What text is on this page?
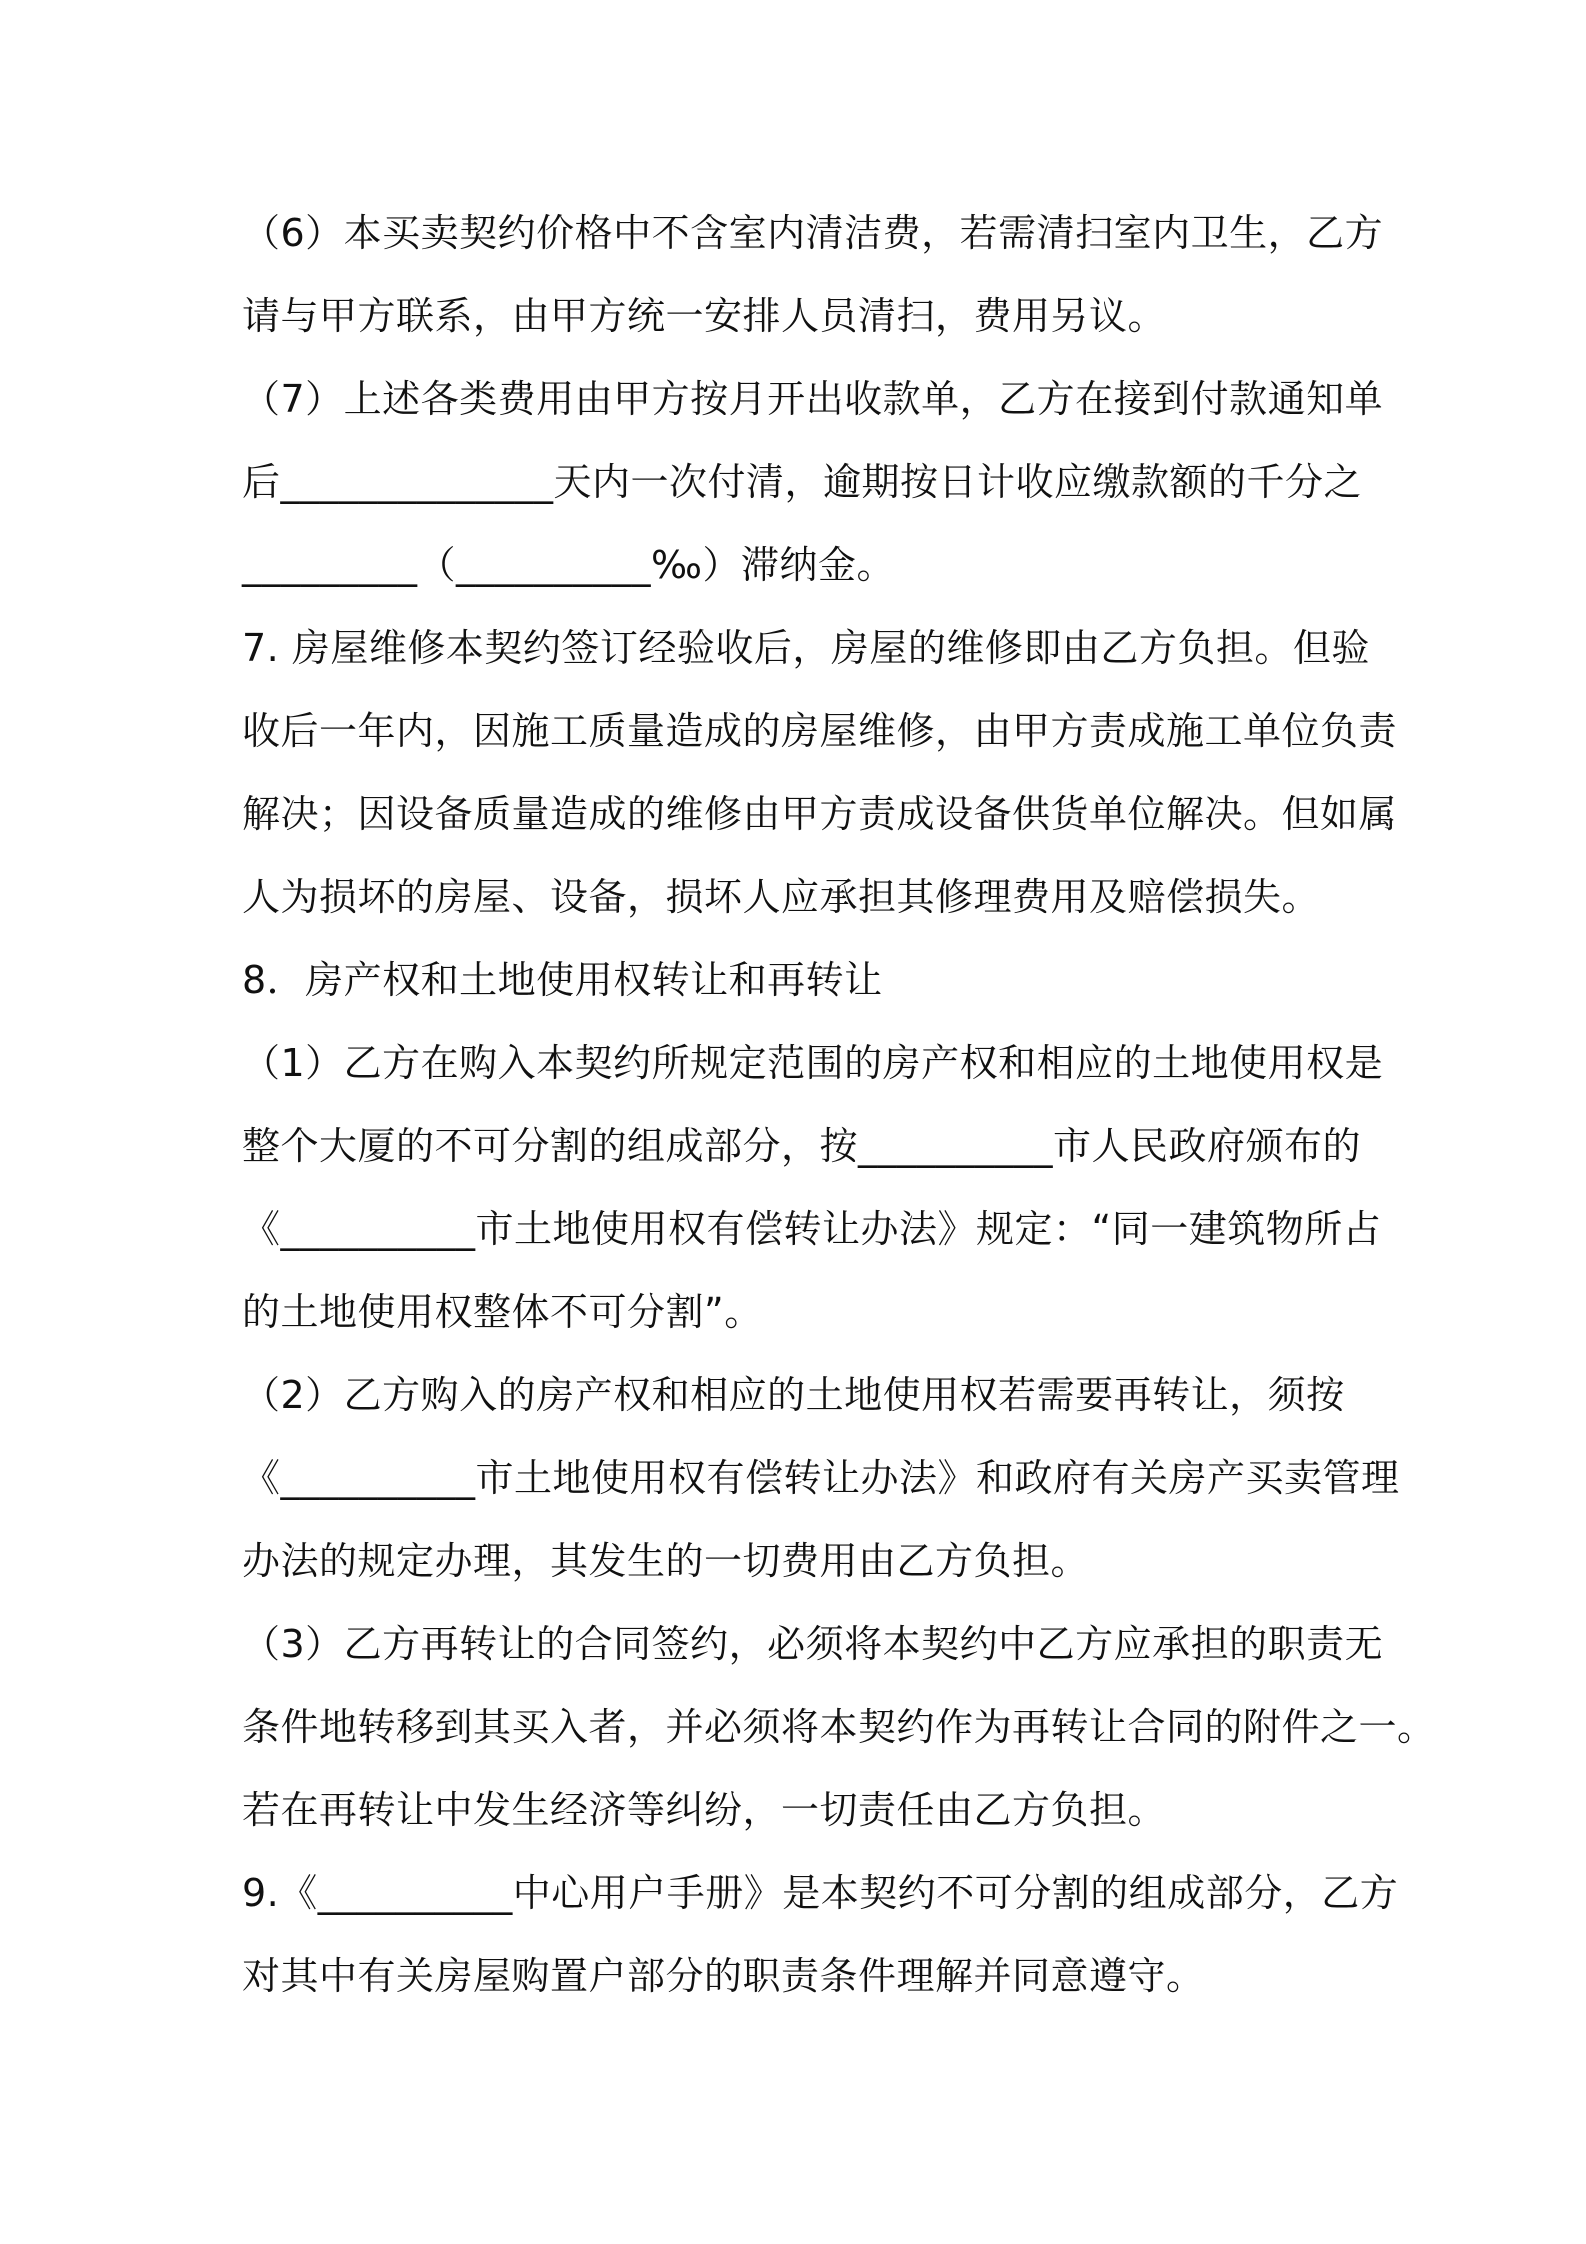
（6）本买卖契约价格中不含室内清洁费，若需清扫室内卫生，乙方
请与甲方联系，由甲方统一安排人员清扫，费用另议。
（7）上述各类费用由甲方按月开出收款单，乙方在接到付款通知单
后______________天内一次付清，逾期按日计收应缴款额的千分之
_________（__________‰）滞纳金。
7. 房屋维修本契约签订经验收后，房屋的维修即由乙方负担。但验
收后一年内，因施工质量造成的房屋维修，由甲方责成施工单位负责
解决；因设备质量造成的维修由甲方责成设备供货单位解决。但如属
人为损坏的房屋、设备，损坏人应承担其修理费用及赔偿损失。
8．房产权和土地使用权转让和再转让
（1）乙方在购入本契约所规定范围的房产权和相应的土地使用权是
整个大厦的不可分割的组成部分，按__________市人民政府颁布的
《__________市土地使用权有偿转让办法》规定：“同一建筑物所占
的土地使用权整体不可分割”。
（2）乙方购入的房产权和相应的土地使用权若需要再转让，须按
《__________市土地使用权有偿转让办法》和政府有关房产买卖管理
办法的规定办理，其发生的一切费用由乙方负担。
（3）乙方再转让的合同签约，必须将本契约中乙方应承担的职责无
条件地转移到其买入者，并必须将本契约作为再转让合同的附件之一。
若在再转让中发生经济等纠纷，一切责任由乙方负担。
9.《__________中心用户手册》是本契约不可分割的组成部分，乙方
对其中有关房屋购置户部分的职责条件理解并同意遵守。
